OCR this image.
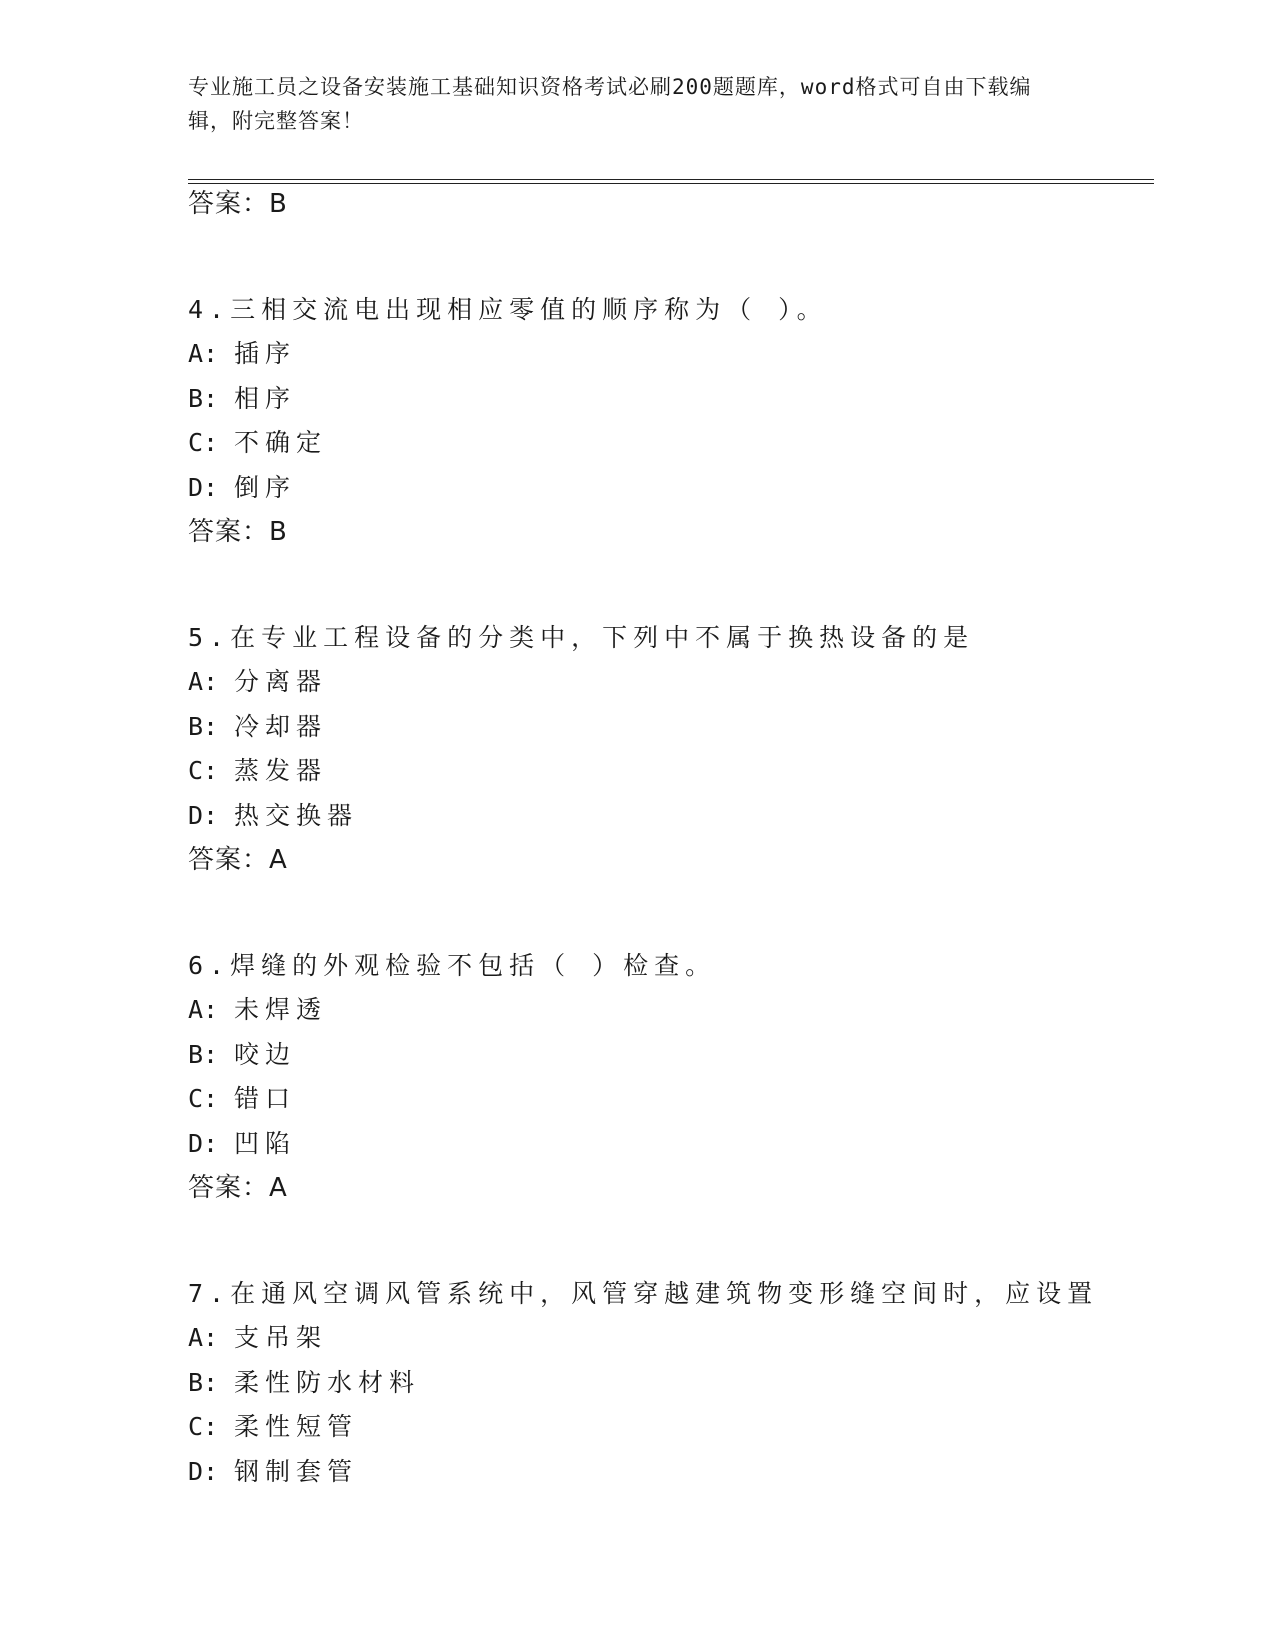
专业施工员之设备安装施工基础知识资格考试必刷200题题库，word格式可自由下载编辑，附完整答案！
答案：B
4.三相交流电出现相应零值的顺序称为（ ）。
A: 插序
B: 相序
C: 不确定
D: 倒序
答案：B
5.在专业工程设备的分类中，下列中不属于换热设备的是
A: 分离器
B: 冷却器
C: 蒸发器
D: 热交换器
答案：A
6.焊缝的外观检验不包括（ ）检查。
A: 未焊透
B: 咬边
C: 错口
D: 凹陷
答案：A
7.在通风空调风管系统中，风管穿越建筑物变形缝空间时，应设置
A: 支吊架
B: 柔性防水材料
C: 柔性短管
D: 钢制套管
